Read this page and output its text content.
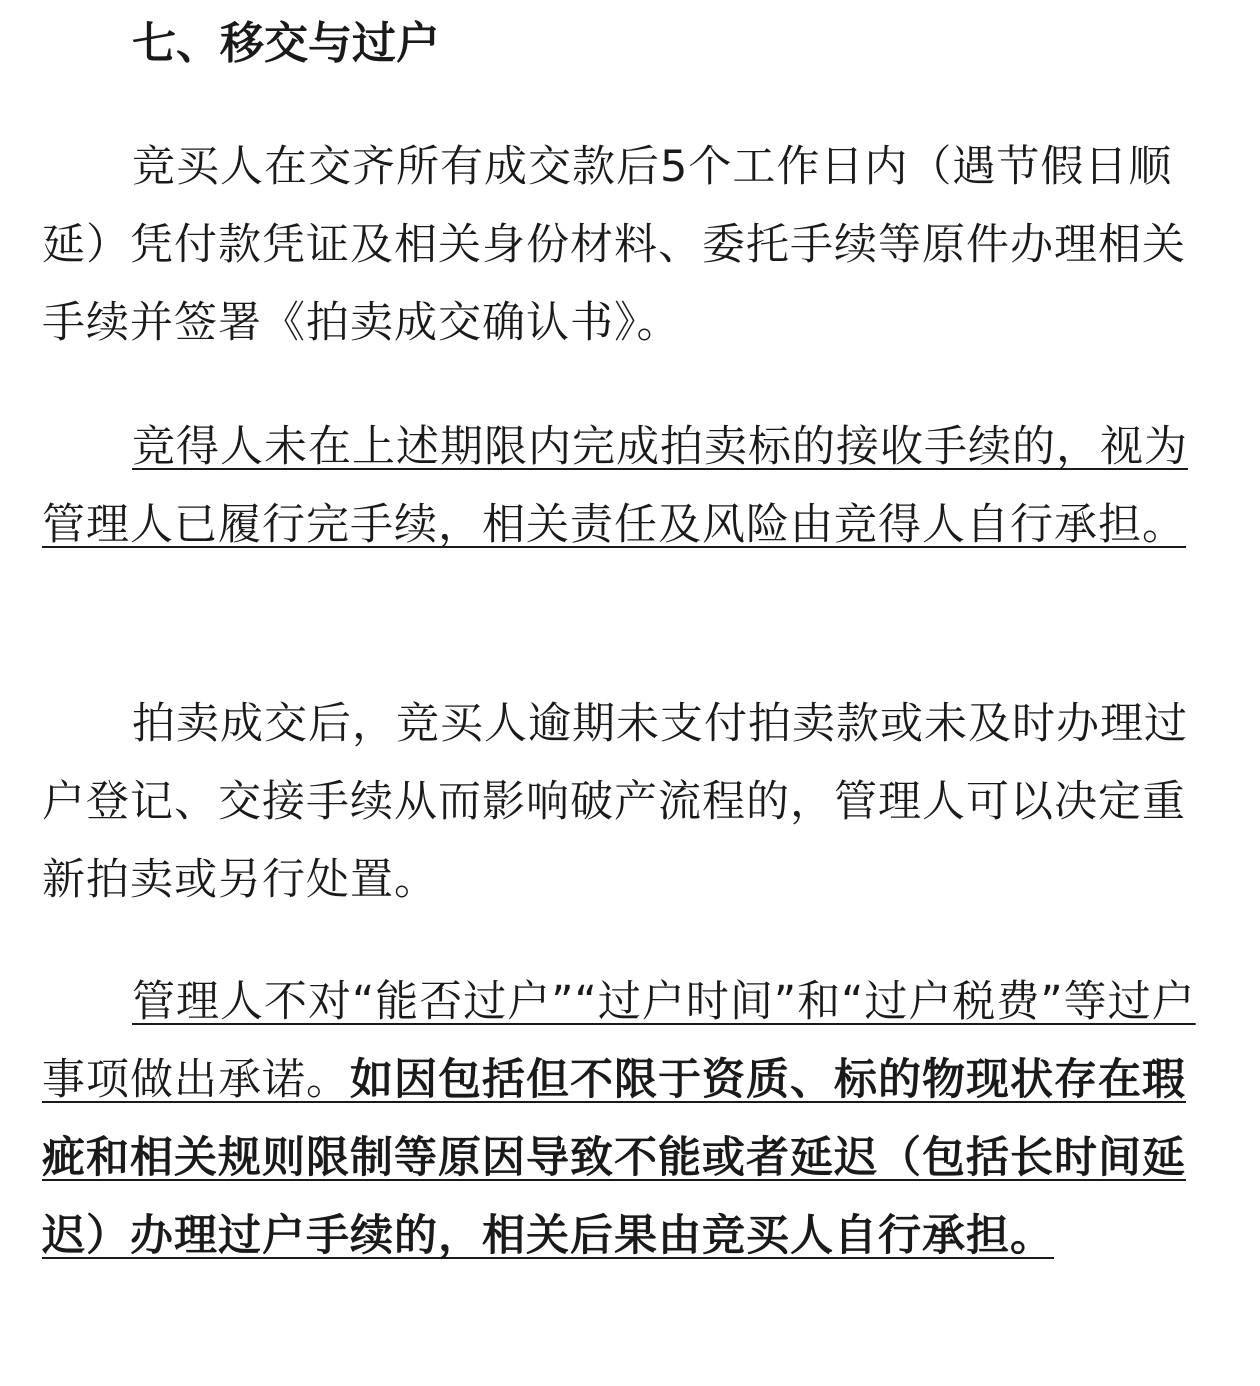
七、移交与过户

竞买人在交齐所有成交款后5个工作日内（遇节假日顺延）凭付款凭证及相关身份材料、委托手续等原件办理相关手续并签署《拍卖成交确认书》。

竞得人未在上述期限内完成拍卖标的接收手续的，视为管理人已履行完手续，相关责任及风险由竞得人自行承担。

拍卖成交后，竞买人逾期未支付拍卖款或未及时办理过户登记、交接手续从而影响破产流程的，管理人可以决定重新拍卖或另行处置。

管理人不对“能否过户”“过户时间”和“过户税费”等过户事项做出承诺。如因包括但不限于资质、标的物现状存在瑕疵和相关规则限制等原因导致不能或者延迟（包括长时间延迟）办理过户手续的，相关后果由竞买人自行承担。
